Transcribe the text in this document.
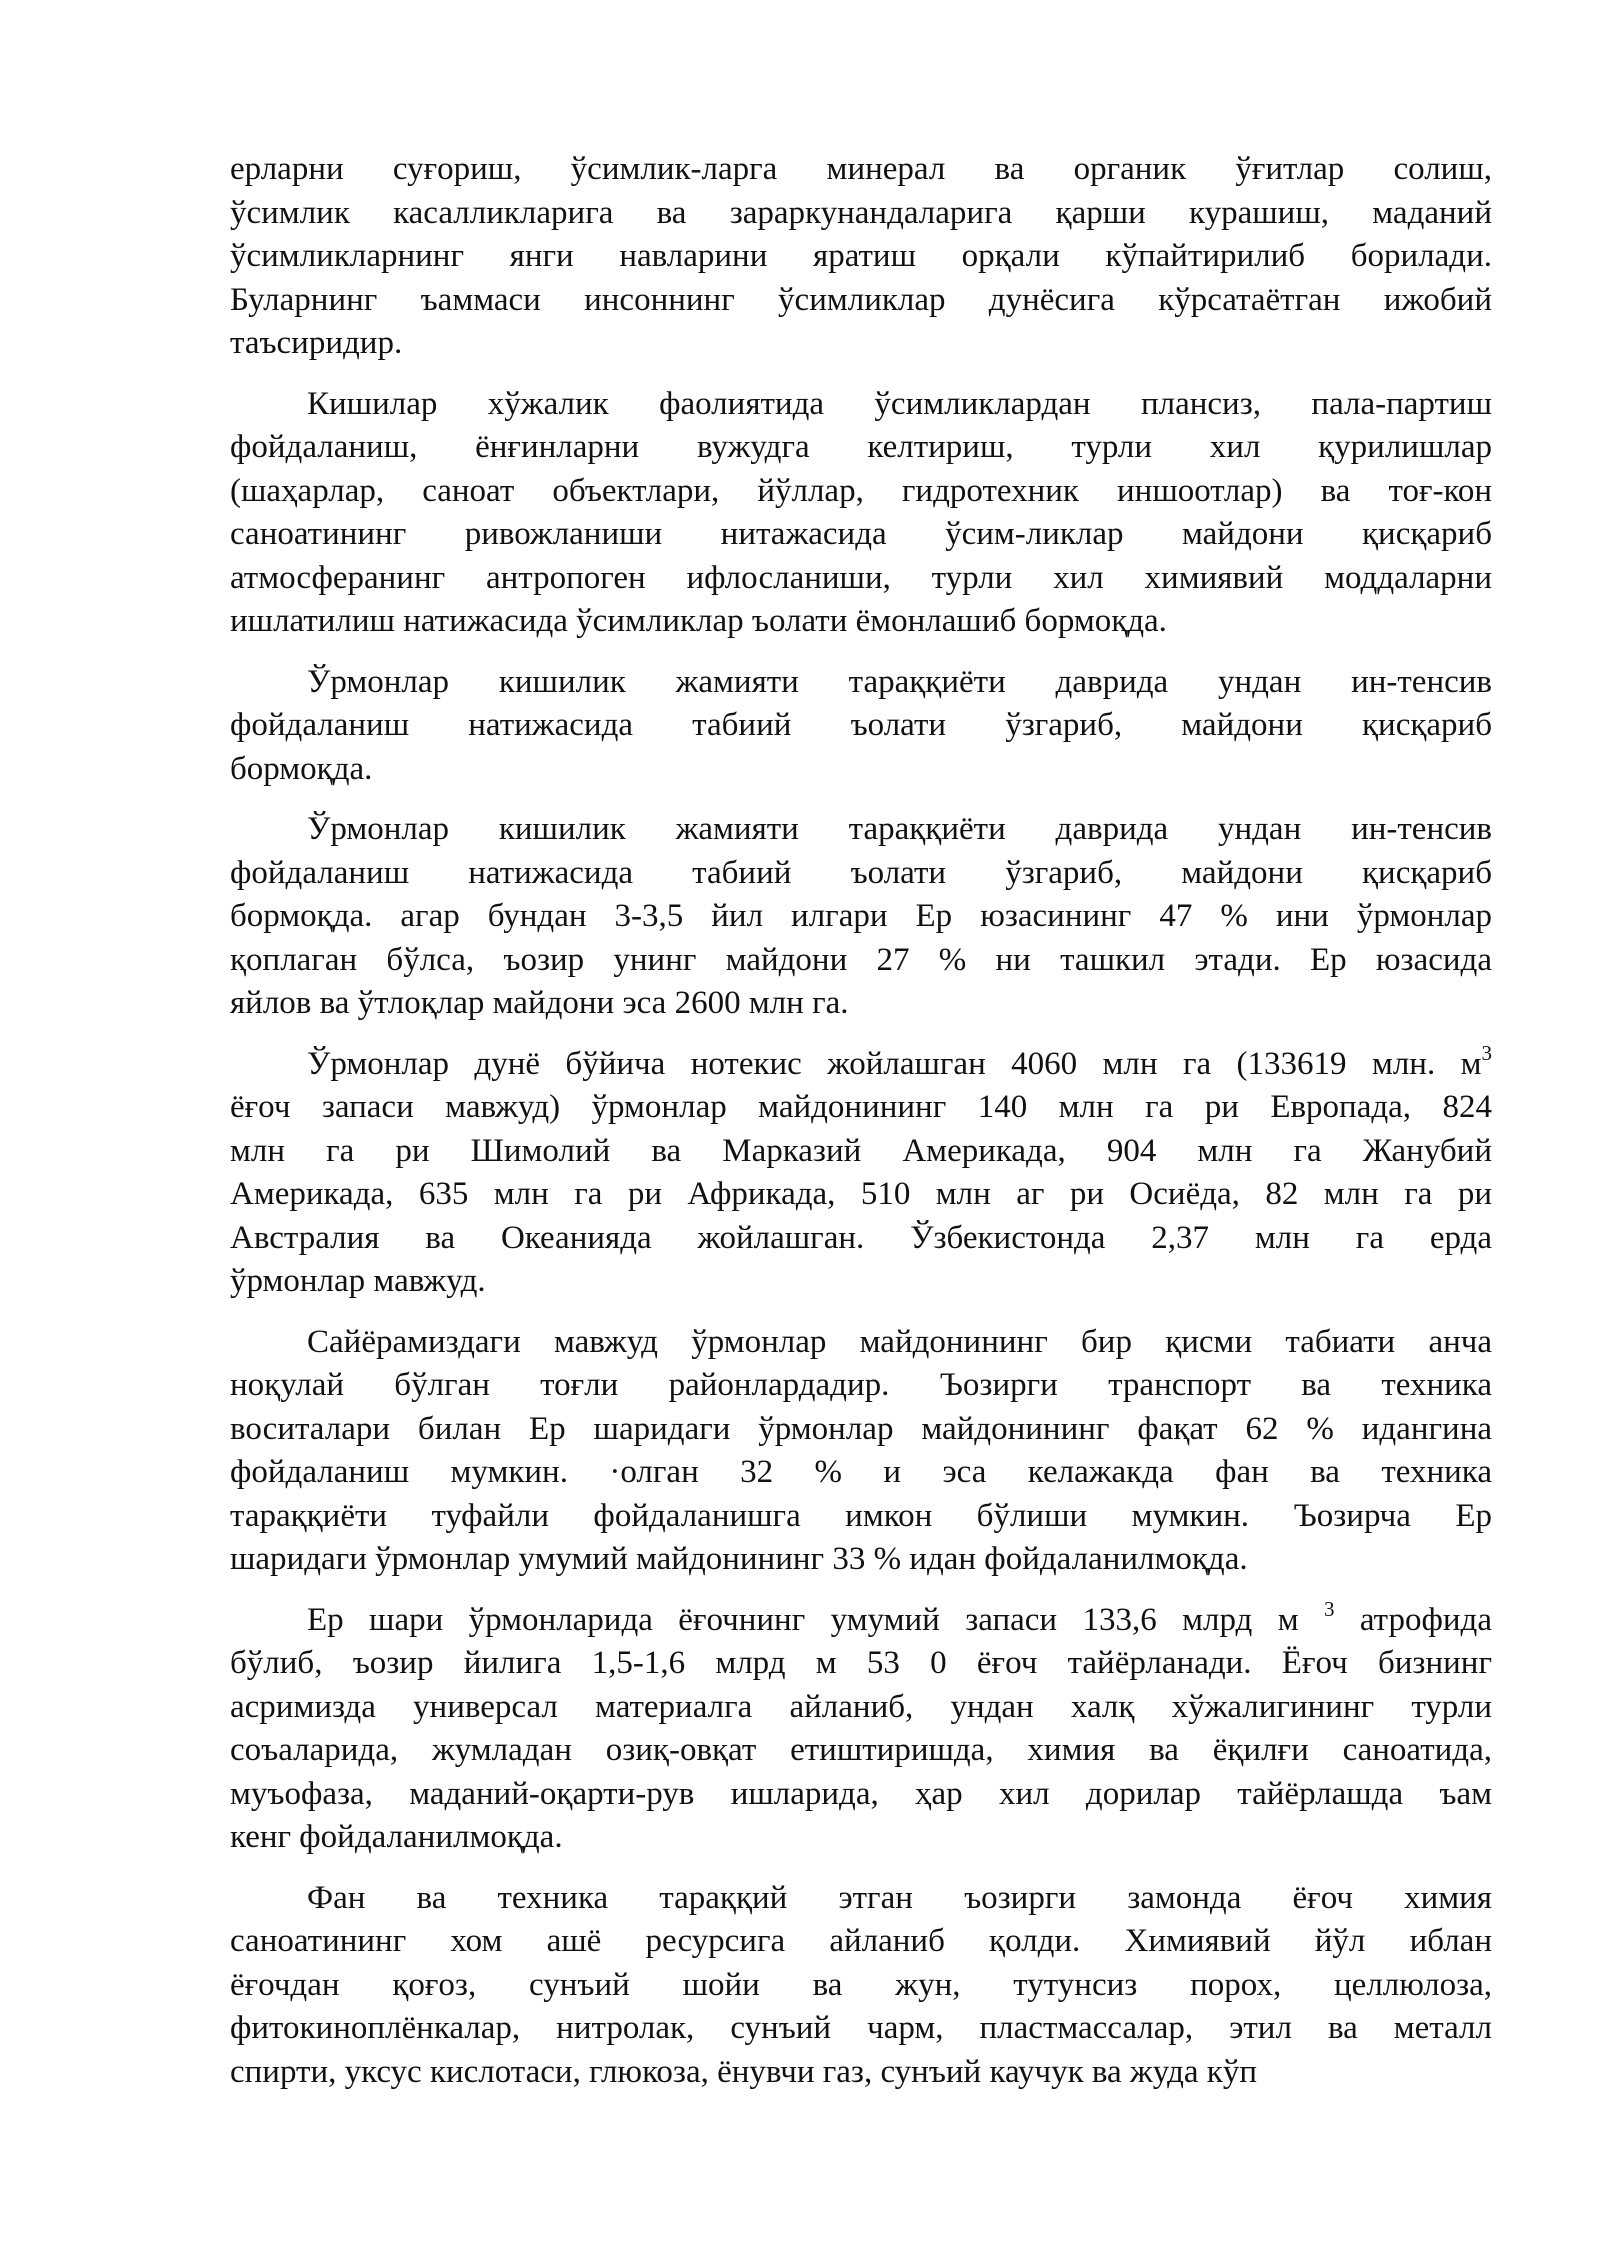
ерларни суғориш, ўсимлик-ларга минерал ва органик ўғитлар солиш,
ўсимлик касалликларига ва зараркунандаларига қарши курашиш, маданий
ўсимликларнинг янги навларини яратиш орқали кўпайтирилиб борилади.
Буларнинг ъаммаси инсоннинг ўсимликлар дунёсига кўрсатаётган ижобий
таъсиридир.
Кишилар хўжалик фаолиятида ўсимликлардан плансиз, пала-партиш
фойдаланиш, ёнғинларни вужудга келтириш, турли хил қурилишлар
(шаҳарлар, саноат объектлари, йўллар, гидротехник иншоотлар) ва тоғ-кон
саноатининг ривожланиши нитажасида ўсим-ликлар майдони қисқариб
атмосферанинг антропоген ифлосланиши, турли хил химиявий моддаларни
ишлатилиш натижасида ўсимликлар ъолати ёмонлашиб бормоқда.
Ўрмонлар кишилик жамияти тараққиёти даврида ундан ин-тенсив
фойдаланиш натижасида табиий ъолати ўзгариб, майдони қисқариб
бормоқда.
Ўрмонлар кишилик жамияти тараққиёти даврида ундан ин-тенсив
фойдаланиш натижасида табиий ъолати ўзгариб, майдони қисқариб
бормоқда. агар бундан 3-3,5 йил илгари Ер юзасининг 47 % ини ўрмонлар
қоплаган бўлса, ъозир унинг майдони 27 % ни ташкил этади. Ер юзасида
яйлов ва ўтлоқлар майдони эса 2600 млн га.
Ўрмонлар дунё бўйича нотекис жойлашган 4060 млн га (133619 млн. $м^3$
ёғоч запаси мавжуд) ўрмонлар майдонининг 140 млн га ри Европада, 824
млн га ри Шимолий ва Марказий Америкада, 904 млн га Жанубий
Америкада, 635 млн га ри Африкада, 510 млн аг ри Осиёда, 82 млн га ри
Австралия ва Океанияда жойлашган. Ўзбекистонда 2,37 млн га ерда
ўрмонлар мавжуд.
Сайёрамиздаги мавжуд ўрмонлар майдонининг бир қисми табиати анча
ноқулай бўлган тоғли районлардадир. Ъозирги транспорт ва техника
воситалари билан Ер шаридаги ўрмонлар майдонининг фақат 62 % идангина
фойдаланиш мумкин. ·олган 32 % и эса келажакда фан ва техника
тараққиёти туфайли фойдаланишга имкон бўлиши мумкин. Ъозирча Ер
шаридаги ўрмонлар умумий майдонининг 33 % идан фойдаланилмоқда.
Ер шари ўрмонларида ёғочнинг умумий запаси 133,6 млрд м $^3$ атрофида
бўлиб, ъозир йилига 1,5-1,6 млрд м 53 0 ёғоч тайёрланади. Ёғоч бизнинг
асримизда универсал материалга айланиб, ундан халқ хўжалигининг турли
соъаларида, жумладан озиқ-овқат етиштиришда, химия ва ёқилғи саноатида,
муъофаза, маданий-оқарти-рув ишларида, ҳар хил дорилар тайёрлашда ъам
кенг фойдаланилмоқда.
Фан ва техника тараққий этган ъозирги замонда ёғоч химия
саноатининг хом ашё ресурсига айланиб қолди. Химиявий йўл иблан
ёғочдан қоғоз, сунъий шойи ва жун, тутунсиз порох, целлюлоза,
фитокиноплёнкалар, нитролак, сунъий чарм, пластмассалар, этил ва металл
спирти, уксус кислотаси, глюкоза, ёнувчи газ, сунъий каучук ва жуда кўп
